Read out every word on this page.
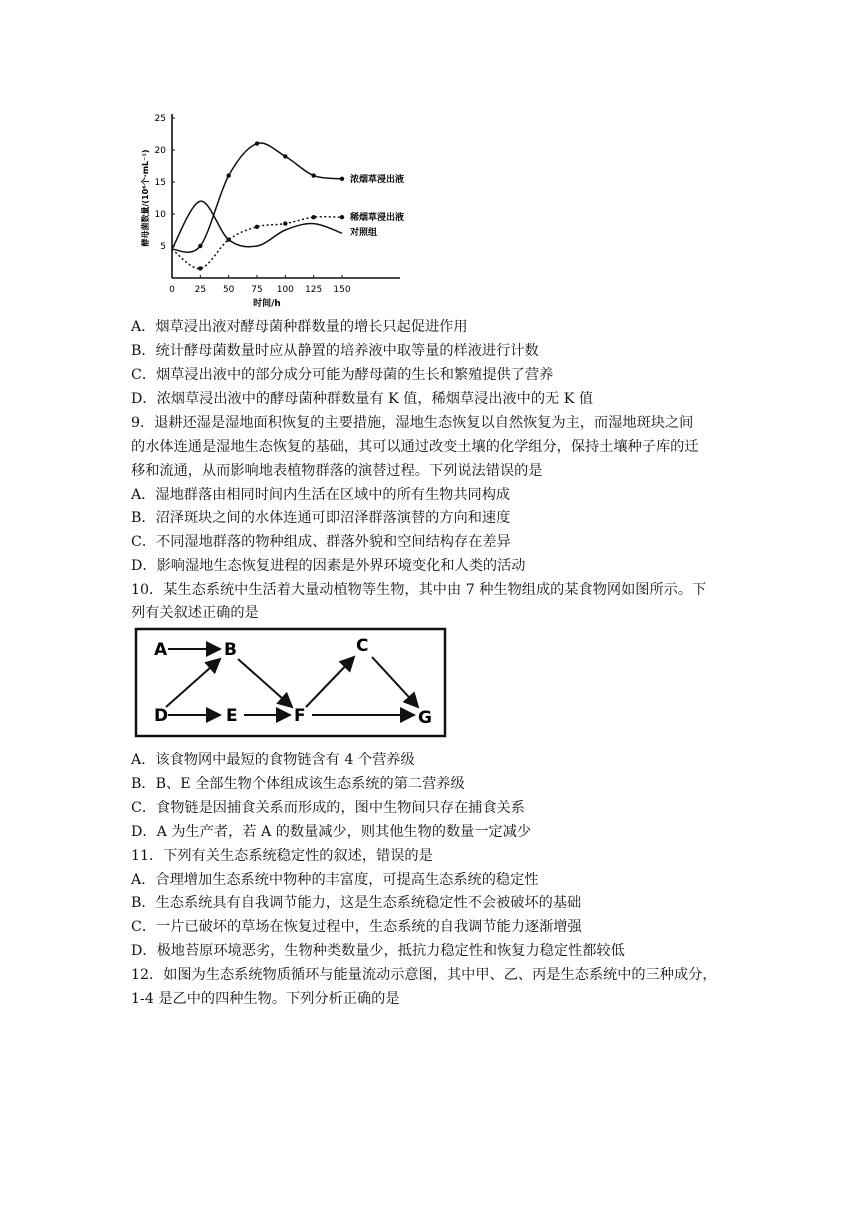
0 25 50 75 100 125 150
5
10
15
20
25
时间/h
酵母菌数量/(10⁶个·mL⁻¹)	浓烟草浸出液
稀烟草浸出液
对照组
A．烟草浸出液对酵母菌种群数量的增长只起促进作用
B．统计酵母菌数量时应从静置的培养液中取等量的样液进行计数
C．烟草浸出液中的部分成分可能为酵母菌的生长和繁殖提供了营养
D．浓烟草浸出液中的酵母菌种群数量有 K 值，稀烟草浸出液中的无 K 值
9．退耕还湿是湿地面积恢复的主要措施，湿地生态恢复以自然恢复为主，而湿地斑块之间
的水体连通是湿地生态恢复的基础，其可以通过改变土壤的化学组分，保持土壤种子库的迁
移和流通，从而影响地表植物群落的演替过程。下列说法错误的是
A．湿地群落由相同时间内生活在区域中的所有生物共同构成
B．沼泽斑块之间的水体连通可即沼泽群落演替的方向和速度
C．不同湿地群落的物种组成、群落外貌和空间结构存在差异
D．影响湿地生态恢复进程的因素是外界环境变化和人类的活动
10．某生态系统中生活着大量动植物等生物，其中由 7 种生物组成的某食物网如图所示。下
列有关叙述正确的是
A	B	C
D	E	F	G
A．该食物网中最短的食物链含有 4 个营养级
B．B、E 全部生物个体组成该生态系统的第二营养级
C．食物链是因捕食关系而形成的，图中生物间只存在捕食关系
D．A 为生产者，若 A 的数量减少，则其他生物的数量一定减少
11．下列有关生态系统稳定性的叙述，错误的是
A．合理增加生态系统中物种的丰富度，可提高生态系统的稳定性
B．生态系统具有自我调节能力，这是生态系统稳定性不会被破坏的基础
C．一片已破坏的草场在恢复过程中，生态系统的自我调节能力逐渐增强
D．极地苔原环境恶劣，生物种类数量少，抵抗力稳定性和恢复力稳定性都较低
12．如图为生态系统物质循环与能量流动示意图，其中甲、乙、丙是生态系统中的三种成分，
1-4 是乙中的四种生物。下列分析正确的是
